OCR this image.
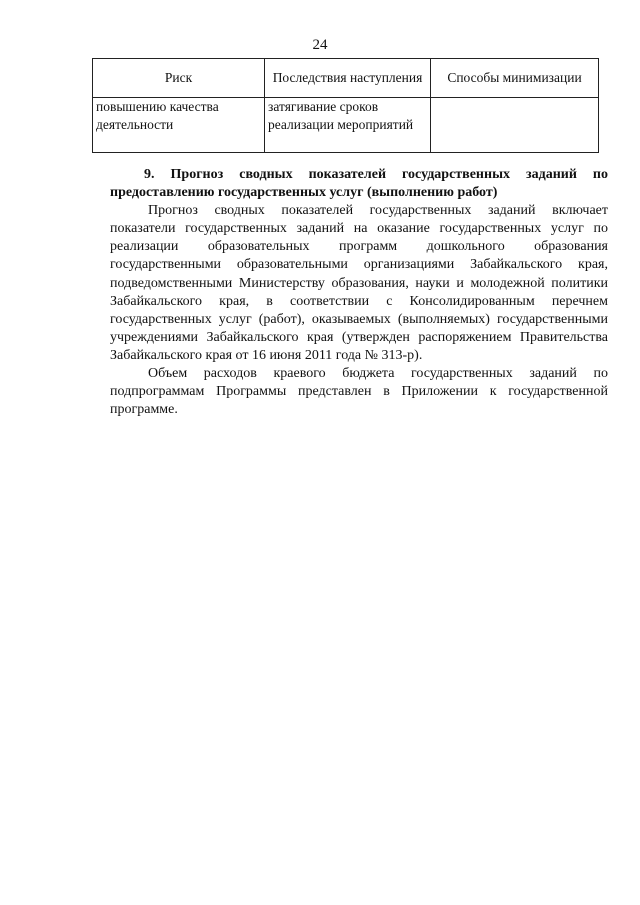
24
Риск	Последствия наступления	Способы минимизации
повышению качества деятельности	затягивание сроков реализации мероприятий	

9. Прогноз сводных показателей государственных заданий по предоставлению государственных услуг (выполнению работ)

Прогноз сводных показателей государственных заданий включает показатели государственных заданий на оказание государственных услуг по реализации образовательных программ дошкольного образования государственными образовательными организациями Забайкальского края, подведомственными Министерству образования, науки и молодежной политики Забайкальского края, в соответствии с Консолидированным перечнем государственных услуг (работ), оказываемых (выполняемых) государственными учреждениями Забайкальского края (утвержден распоряжением Правительства Забайкальского края от 16 июня 2011 года № 313-р).

Объем расходов краевого бюджета государственных заданий по подпрограммам Программы представлен в Приложении к государственной программе.
